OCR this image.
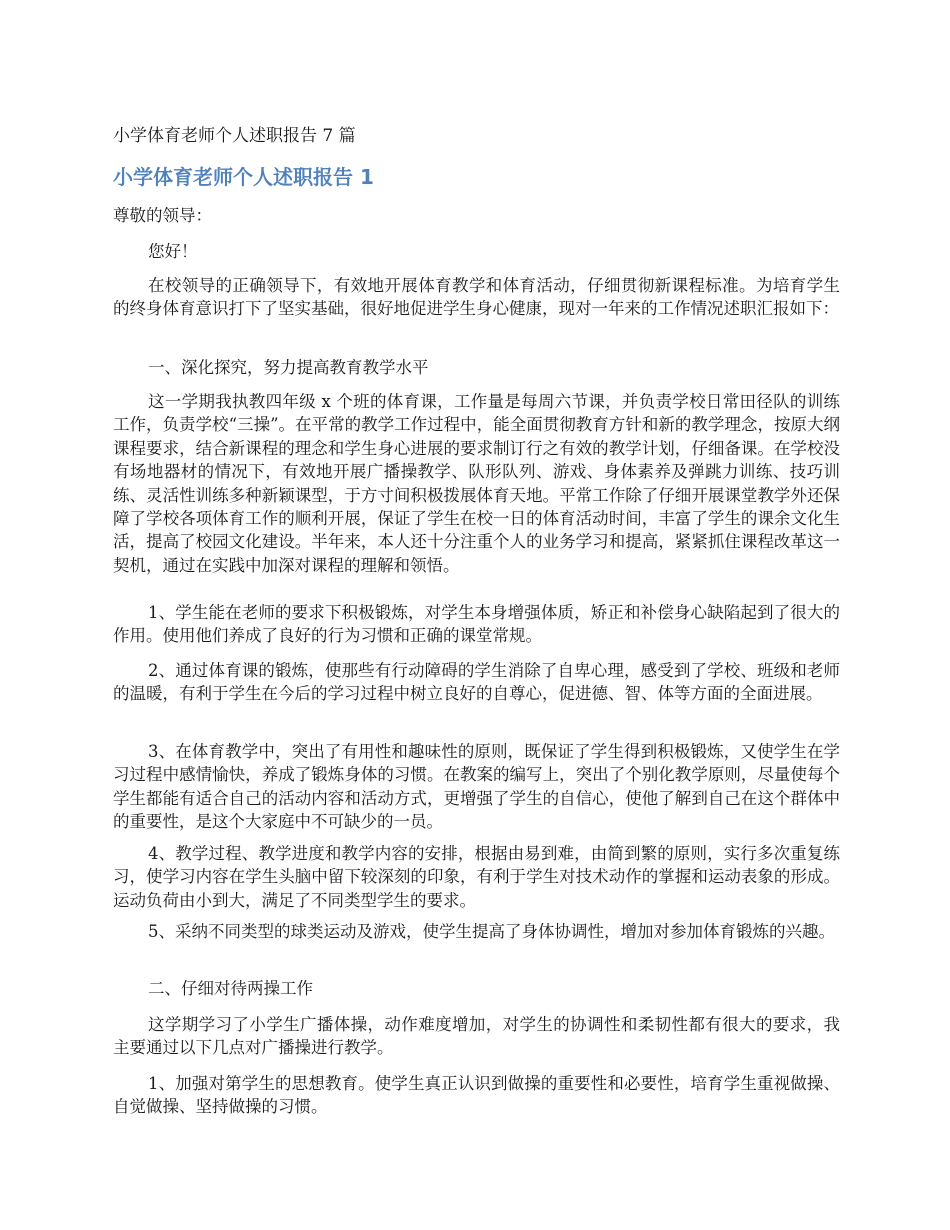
小学体育老师个人述职报告 7 篇
小学体育老师个人述职报告 1

尊敬的领导：

您好！

在校领导的正确领导下，有效地开展体育教学和体育活动，仔细贯彻新课程标准。为培育学生的终身体育意识打下了坚实基础，很好地促进学生身心健康，现对一年来的工作情况述职汇报如下：

一、深化探究，努力提高教育教学水平

这一学期我执教四年级 x 个班的体育课，工作量是每周六节课，并负责学校日常田径队的训练工作，负责学校“三操”。在平常的教学工作过程中，能全面贯彻教育方针和新的教学理念，按原大纲课程要求，结合新课程的理念和学生身心进展的要求制订行之有效的教学计划，仔细备课。在学校没有场地器材的情况下，有效地开展广播操教学、队形队列、游戏、身体素养及弹跳力训练、技巧训练、灵活性训练多种新颖课型，于方寸间积极拨展体育天地。平常工作除了仔细开展课堂教学外还保障了学校各项体育工作的顺利开展，保证了学生在校一日的体育活动时间，丰富了学生的课余文化生活，提高了校园文化建设。半年来，本人还十分注重个人的业务学习和提高，紧紧抓住课程改革这一契机，通过在实践中加深对课程的理解和领悟。

1、学生能在老师的要求下积极锻炼，对学生本身增强体质，矫正和补偿身心缺陷起到了很大的作用。使用他们养成了良好的行为习惯和正确的课堂常规。

2、通过体育课的锻炼，使那些有行动障碍的学生消除了自卑心理，感受到了学校、班级和老师的温暖，有利于学生在今后的学习过程中树立良好的自尊心，促进德、智、体等方面的全面进展。

3、在体育教学中，突出了有用性和趣味性的原则，既保证了学生得到积极锻炼，又使学生在学习过程中感情愉快，养成了锻炼身体的习惯。在教案的编写上，突出了个别化教学原则，尽量使每个学生都能有适合自己的活动内容和活动方式，更增强了学生的自信心，使他了解到自己在这个群体中的重要性，是这个大家庭中不可缺少的一员。

4、教学过程、教学进度和教学内容的安排，根据由易到难，由简到繁的原则，实行多次重复练习，使学习内容在学生头脑中留下较深刻的印象，有利于学生对技术动作的掌握和运动表象的形成。运动负荷由小到大，满足了不同类型学生的要求。

5、采纳不同类型的球类运动及游戏，使学生提高了身体协调性，增加对参加体育锻炼的兴趣。

二、仔细对待两操工作

这学期学习了小学生广播体操，动作难度增加，对学生的协调性和柔韧性都有很大的要求，我主要通过以下几点对广播操进行教学。

1、加强对第学生的思想教育。使学生真正认识到做操的重要性和必要性，培育学生重视做操、自觉做操、坚持做操的习惯。
